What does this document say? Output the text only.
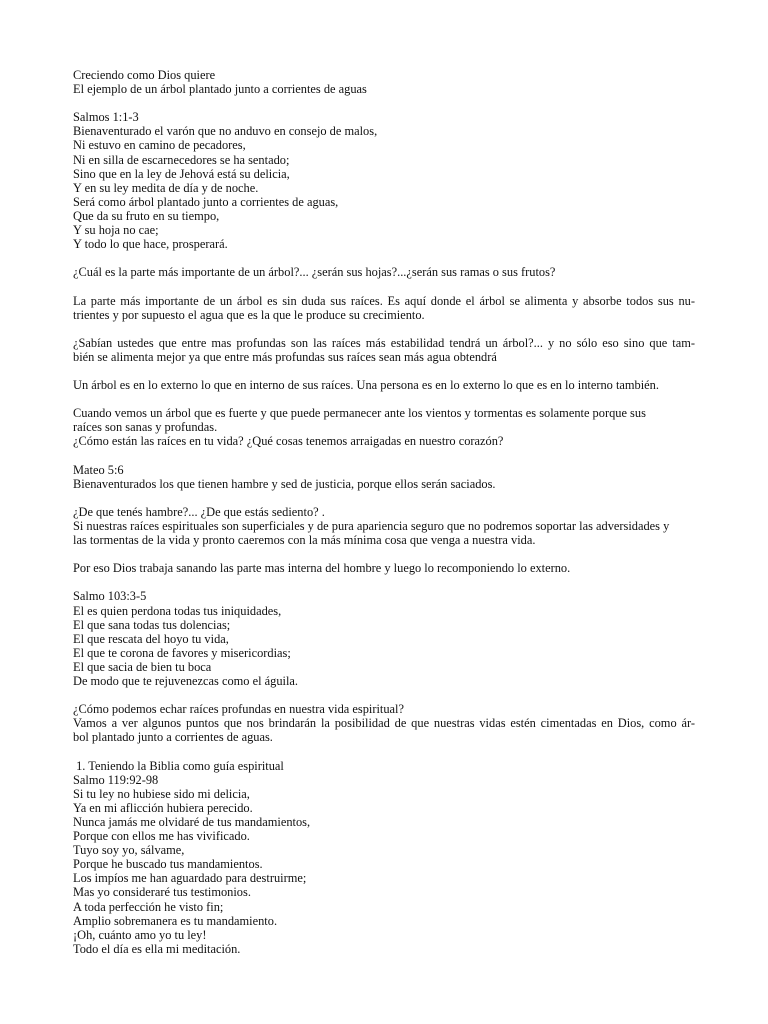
Creciendo como Dios quiere
El ejemplo de un árbol plantado junto a corrientes de aguas
Salmos 1:1-3
Bienaventurado el varón que no anduvo en consejo de malos,
Ni estuvo en camino de pecadores,
Ni en silla de escarnecedores se ha sentado;
Sino que en la ley de Jehová está su delicia,
Y en su ley medita de día y de noche.
Será como árbol plantado junto a corrientes de aguas,
Que da su fruto en su tiempo,
Y su hoja no cae;
Y todo lo que hace, prosperará.
¿Cuál es la parte más importante de un árbol?... ¿serán sus hojas?...¿serán sus ramas o sus frutos?
La parte más importante de un árbol es sin duda sus raíces. Es aquí donde el árbol se alimenta y absorbe todos sus nu-
trientes y por supuesto el agua que es la que le produce su crecimiento.
¿Sabían ustedes que entre mas profundas son las raíces más estabilidad tendrá un árbol?... y no sólo eso sino que tam-
bién se alimenta mejor ya que entre más profundas sus raíces sean más agua obtendrá
Un árbol es en lo externo lo que en interno de sus raíces. Una persona es en lo externo lo que es en lo interno también.
Cuando vemos un árbol que es fuerte y que puede permanecer ante los vientos y tormentas es solamente porque sus
raíces son sanas y profundas.
¿Cómo están las raíces en tu vida? ¿Qué cosas tenemos arraigadas en nuestro corazón?
Mateo 5:6
Bienaventurados los que tienen hambre y sed de justicia, porque ellos serán saciados.
¿De que tenés hambre?... ¿De que estás sediento? .
Si nuestras raíces espirituales son superficiales y de pura apariencia seguro que no podremos soportar las adversidades y
las tormentas de la vida y pronto caeremos con la más mínima cosa que venga a nuestra vida.
Por eso Dios trabaja sanando las parte mas interna del hombre y luego lo recomponiendo lo externo.
Salmo 103:3-5
El es quien perdona todas tus iniquidades,
El que sana todas tus dolencias;
El que rescata del hoyo tu vida,
El que te corona de favores y misericordias;
El que sacia de bien tu boca
De modo que te rejuvenezcas como el águila.
¿Cómo podemos echar raíces profundas en nuestra vida espiritual?
Vamos a ver algunos puntos que nos brindarán la posibilidad de que nuestras vidas estén cimentadas en Dios, como ár-
bol plantado junto a corrientes de aguas.
1. Teniendo la Biblia como guía espiritual
Salmo 119:92-98
Si tu ley no hubiese sido mi delicia,
Ya en mi aflicción hubiera perecido.
Nunca jamás me olvidaré de tus mandamientos,
Porque con ellos me has vivificado.
Tuyo soy yo, sálvame,
Porque he buscado tus mandamientos.
Los impíos me han aguardado para destruirme;
Mas yo consideraré tus testimonios.
A toda perfección he visto fin;
Amplio sobremanera es tu mandamiento.
¡Oh, cuánto amo yo tu ley!
Todo el día es ella mi meditación.
